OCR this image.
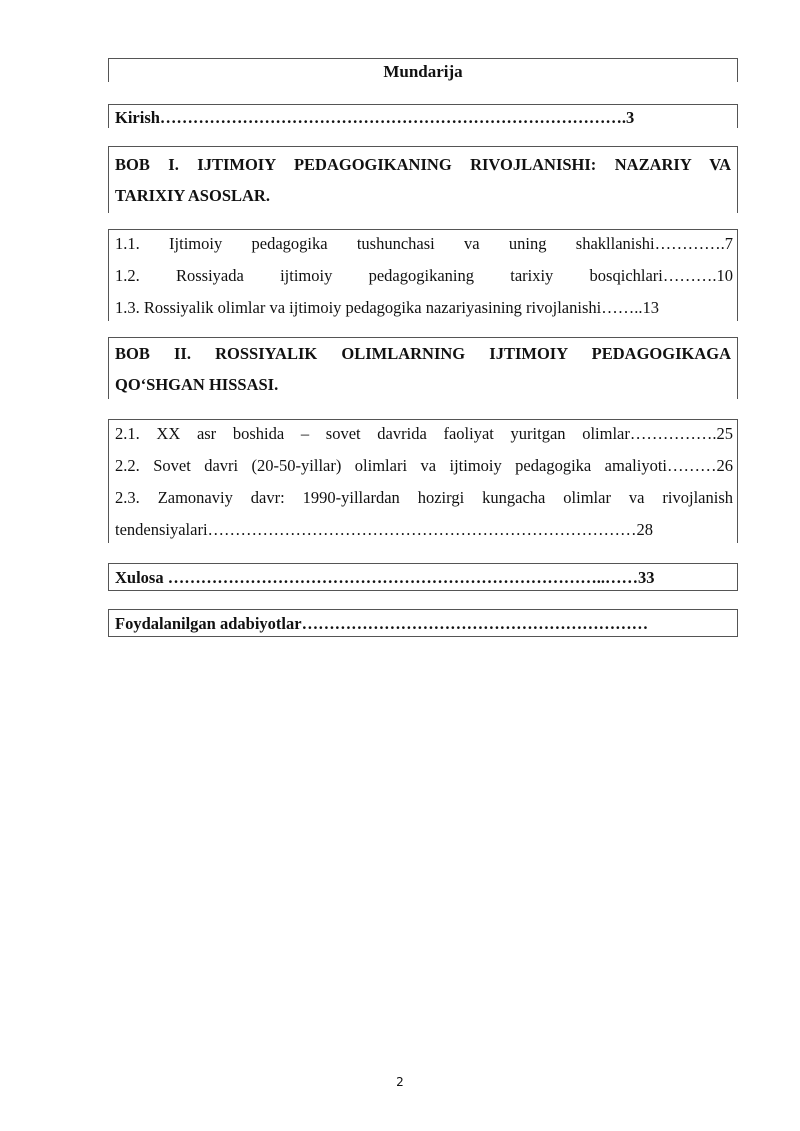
Mundarija
Kirish………………………………………………………………………….3
BOB I. IJTIMOIY PEDAGOGIKANING RIVOJLANISHI: NAZARIY VA
TARIXIY ASOSLAR.
1.1. Ijtimoiy pedagogika tushunchasi va uning shakllanishi………….7
1.2. Rossiyada ijtimoiy pedagogikaning tarixiy bosqichlari……….10
1.3. Rossiyalik olimlar va ijtimoiy pedagogika nazariyasining rivojlanishi……..13
BOB II. ROSSIYALIK OLIMLARNING IJTIMOIY PEDAGOGIKAGA
QO‘SHGAN HISSASI.
2.1. XX asr boshida – sovet davrida faoliyat yuritgan olimlar…………….25
2.2. Sovet davri (20-50-yillar) olimlari va ijtimoiy pedagogika amaliyoti………26
2.3. Zamonaviy davr: 1990-yillardan hozirgi kungacha olimlar va rivojlanish
tendensiyalari……………………………………………………………………28
Xulosa ……………………………………………………………………..……33
Foydalanilgan adabiyotlar………………………………………………………
2
